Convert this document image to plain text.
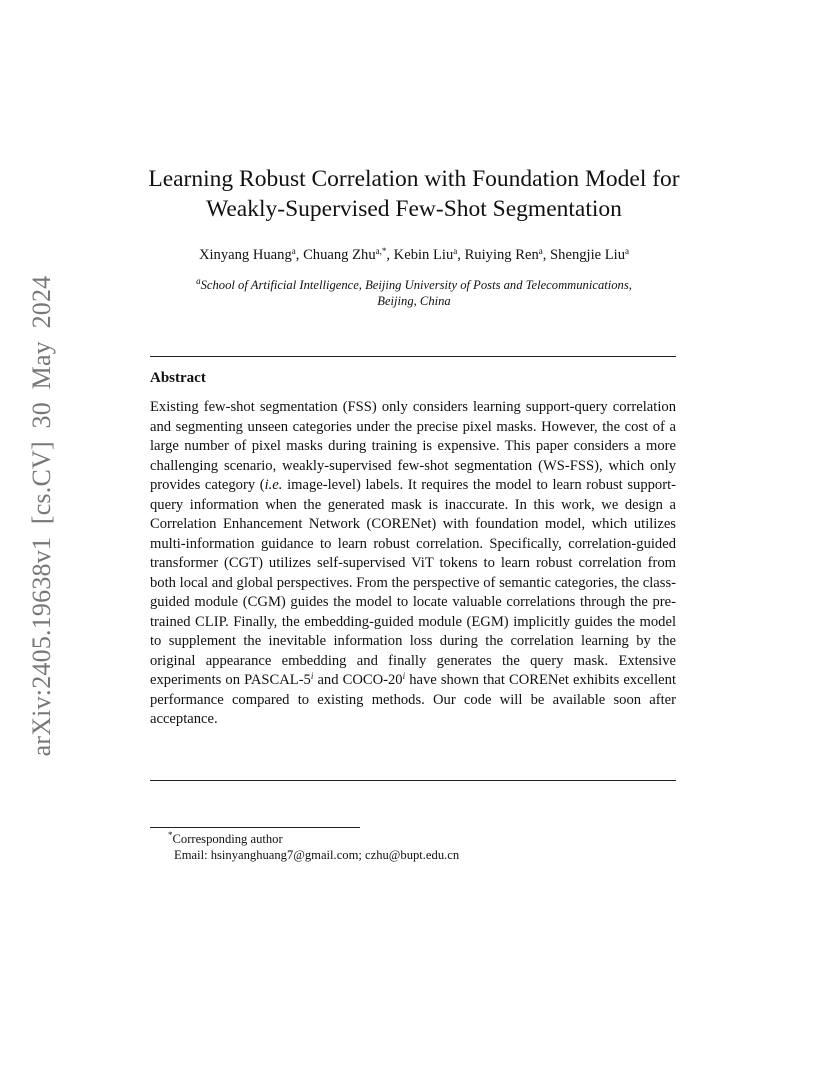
arXiv:2405.19638v1 [cs.CV] 30 May 2024
Learning Robust Correlation with Foundation Model for
Weakly-Supervised Few-Shot Segmentation
Xinyang Huang$^a$, Chuang Zhu$^{a,*}$, Kebin Liu$^a$, Ruiying Ren$^a$, Shengjie Liu$^a$
$^a$School of Artificial Intelligence, Beijing University of Posts and Telecommunications,
Beijing, China
Abstract
Existing few-shot segmentation (FSS) only considers learning support-query correlation and segmenting unseen categories under the precise pixel masks. However, the cost of a large number of pixel masks during training is expensive. This paper considers a more challenging scenario, weakly-supervised few-shot segmentation (WS-FSS), which only provides category (i.e. image-level) labels. It requires the model to learn robust support-query information when the generated mask is inaccurate. In this work, we design a Correlation Enhancement Network (CORENet) with foundation model, which utilizes multi-information guidance to learn robust correlation. Specifically, correlation-guided transformer (CGT) utilizes self-supervised ViT tokens to learn robust correlation from both local and global perspectives. From the perspective of semantic categories, the class-guided module (CGM) guides the model to locate valuable correlations through the pre-trained CLIP. Finally, the embedding-guided module (EGM) implicitly guides the model to supplement the inevitable information loss during the correlation learning by the original appearance embedding and finally generates the query mask. Extensive experiments on PASCAL-5$^i$ and COCO-20$^i$ have shown that CORENet exhibits excellent performance compared to existing methods. Our code will be available soon after acceptance.
*Corresponding author
Email: hsinyanghuang7@gmail.com; czhu@bupt.edu.cn
